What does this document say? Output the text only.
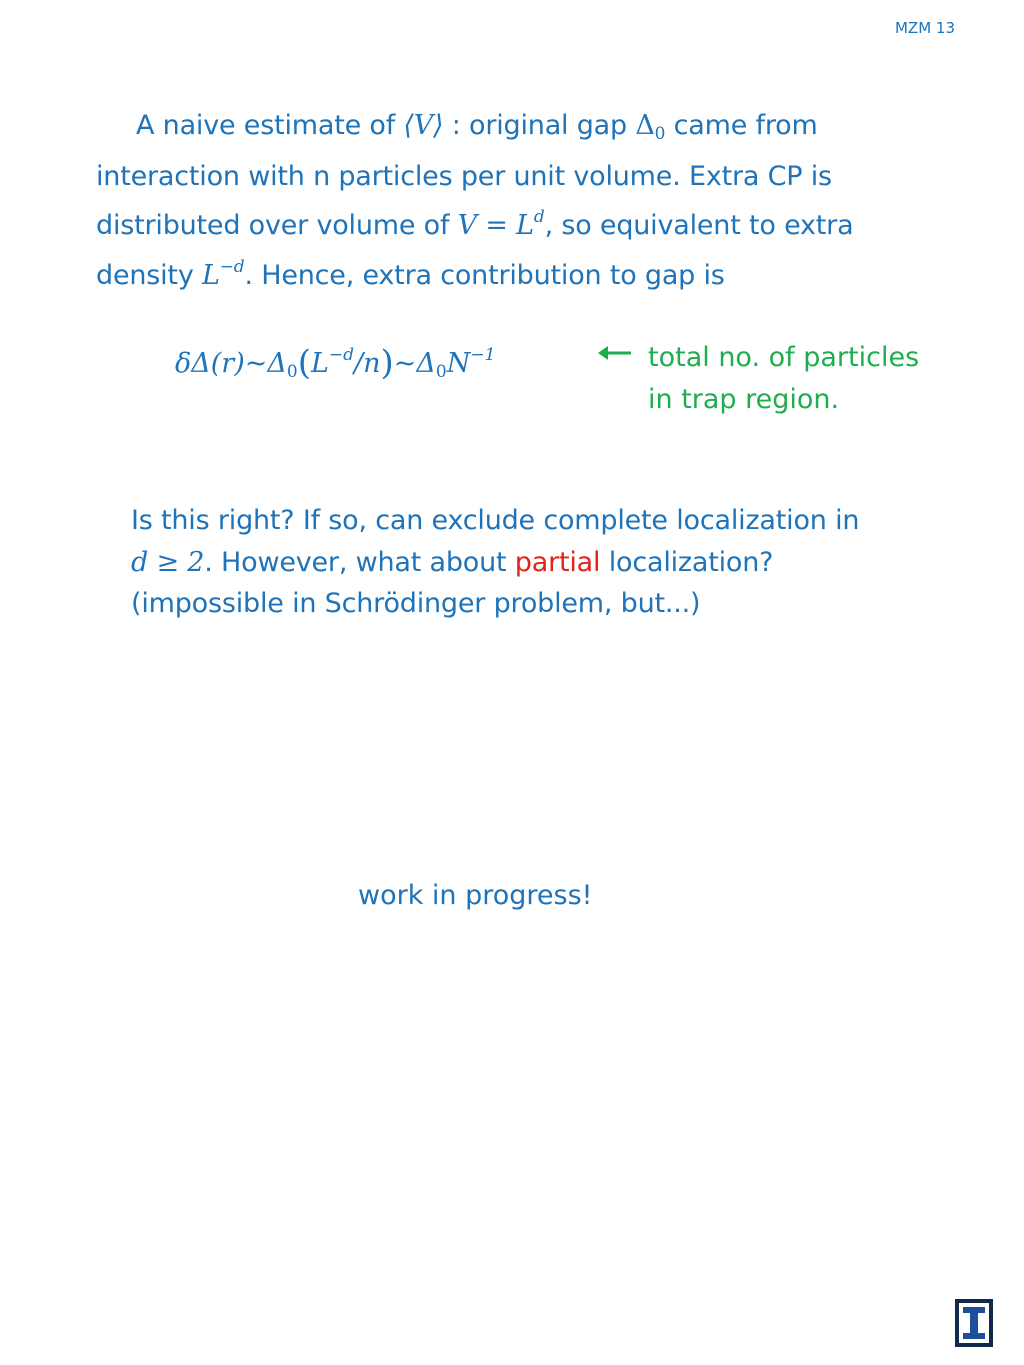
MZM 13
A naive estimate of ⟨V⟩ : original gap $\Delta_0$ came from
interaction with n particles per unit volume. Extra CP is
distributed over volume of $V = L^d$, so equivalent to extra
density $L^{-d}$. Hence, extra contribution to gap is
$\delta\Delta(r)\sim\Delta_0(L^{-d}/n)\sim\Delta_0N^{-1}$	total no. of particles
in trap region.
Is this right? If so, can exclude complete localization in
d ≥ 2. However, what about partial localization?
(impossible in Schrödinger problem, but...)
work in progress!
